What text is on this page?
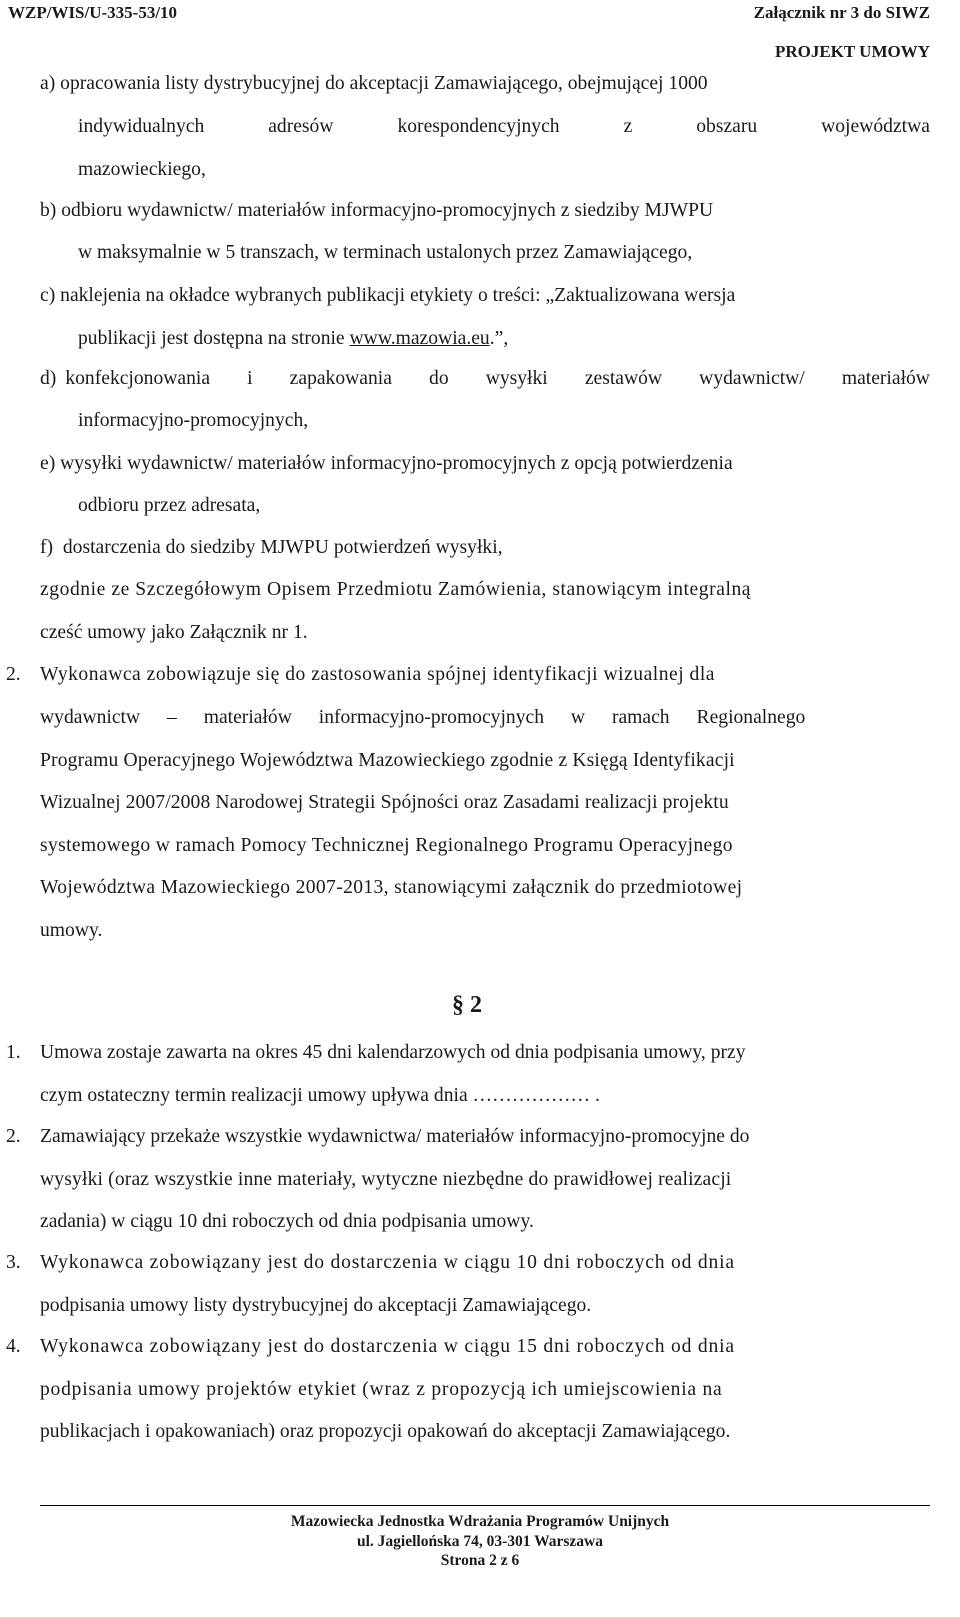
WZP/WIS/U-335-53/10	Załącznik nr 3 do SIWZ
PROJEKT UMOWY
a) opracowania listy dystrybucyjnej do akceptacji Zamawiającego, obejmującej 1000
indywidualnych	adresów	korespondencyjnych	z	obszaru	województwa
mazowieckiego,
b) odbioru wydawnictw/ materiałów informacyjno-promocyjnych z siedziby MJWPU
w maksymalnie w 5 transzach, w terminach ustalonych przez Zamawiającego,
c) naklejenia na okładce wybranych publikacji etykiety o treści: „Zaktualizowana wersja
publikacji jest dostępna na stronie www.mazowia.eu.”,
d) konfekcjonowania i zapakowania do wysyłki zestawów wydawnictw/ materiałów
informacyjno-promocyjnych,
e) wysyłki wydawnictw/ materiałów informacyjno-promocyjnych z opcją potwierdzenia
odbioru przez adresata,
f) dostarczenia do siedziby MJWPU potwierdzeń wysyłki,
zgodnie ze Szczegółowym Opisem Przedmiotu Zamówienia, stanowiącym integralną
cześć umowy jako Załącznik nr 1.
2. Wykonawca zobowiązuje się do zastosowania spójnej identyfikacji wizualnej dla
wydawnictw – materiałów informacyjno-promocyjnych w ramach Regionalnego
Programu Operacyjnego Województwa Mazowieckiego zgodnie z Księgą Identyfikacji
Wizualnej 2007/2008 Narodowej Strategii Spójności oraz Zasadami realizacji projektu
systemowego w ramach Pomocy Technicznej Regionalnego Programu Operacyjnego
Województwa Mazowieckiego 2007-2013, stanowiącymi załącznik do przedmiotowej
umowy.
§ 2
1. Umowa zostaje zawarta na okres 45 dni kalendarzowych od dnia podpisania umowy, przy
czym ostateczny termin realizacji umowy upływa dnia ……………… .
2. Zamawiający przekaże wszystkie wydawnictwa/ materiałów informacyjno-promocyjne do
wysyłki (oraz wszystkie inne materiały, wytyczne niezbędne do prawidłowej realizacji
zadania) w ciągu 10 dni roboczych od dnia podpisania umowy.
3. Wykonawca zobowiązany jest do dostarczenia w ciągu 10 dni roboczych od dnia
podpisania umowy listy dystrybucyjnej do akceptacji Zamawiającego.
4. Wykonawca zobowiązany jest do dostarczenia w ciągu 15 dni roboczych od dnia
podpisania umowy projektów etykiet (wraz z propozycją ich umiejscowienia na
publikacjach i opakowaniach) oraz propozycji opakowań do akceptacji Zamawiającego.
Mazowiecka Jednostka Wdrażania Programów Unijnych
ul. Jagiellońska 74, 03-301 Warszawa
Strona 2 z 6
